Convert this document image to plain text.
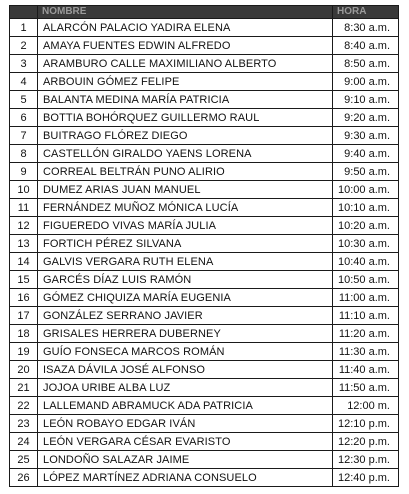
	NOMBRE	HORA
1	ALARCÓN PALACIO YADIRA ELENA	8:30 a.m.
2	AMAYA FUENTES EDWIN ALFREDO	8:40 a.m.
3	ARAMBURO CALLE MAXIMILIANO ALBERTO	8:50 a.m.
4	ARBOUIN GÓMEZ FELIPE	9:00 a.m.
5	BALANTA MEDINA MARÍA PATRICIA	9:10 a.m.
6	BOTTIA BOHÓRQUEZ GUILLERMO RAUL	9:20 a.m.
7	BUITRAGO FLÓREZ DIEGO	9:30 a.m.
8	CASTELLÓN GIRALDO YAENS LORENA	9:40 a.m.
9	CORREAL BELTRÁN PUNO ALIRIO	9:50 a.m.
10	DUMEZ ARIAS JUAN MANUEL	10:00 a.m.
11	FERNÁNDEZ MUÑOZ MÓNICA LUCÍA	10:10 a.m.
12	FIGUEREDO VIVAS MARÍA JULIA	10:20 a.m.
13	FORTICH PÉREZ SILVANA	10:30 a.m.
14	GALVIS VERGARA RUTH ELENA	10:40 a.m.
15	GARCÉS DÍAZ LUIS RAMÓN	10:50 a.m.
16	GÓMEZ CHIQUIZA MARÍA EUGENIA	11:00 a.m.
17	GONZÁLEZ SERRANO JAVIER	11:10 a.m.
18	GRISALES HERRERA DUBERNEY	11:20 a.m.
19	GUÍO FONSECA MARCOS ROMÁN	11:30 a.m.
20	ISAZA DÁVILA JOSÉ ALFONSO	11:40 a.m.
21	JOJOA URIBE ALBA LUZ	11:50 a.m.
22	LALLEMAND ABRAMUCK ADA PATRICIA	12:00 m.
23	LEÓN ROBAYO EDGAR IVÁN	12:10 p.m.
24	LEÓN VERGARA CÉSAR EVARISTO	12:20 p.m.
25	LONDOÑO SALAZAR JAIME	12:30 p.m.
26	LÓPEZ MARTÍNEZ ADRIANA CONSUELO	12:40 p.m.
